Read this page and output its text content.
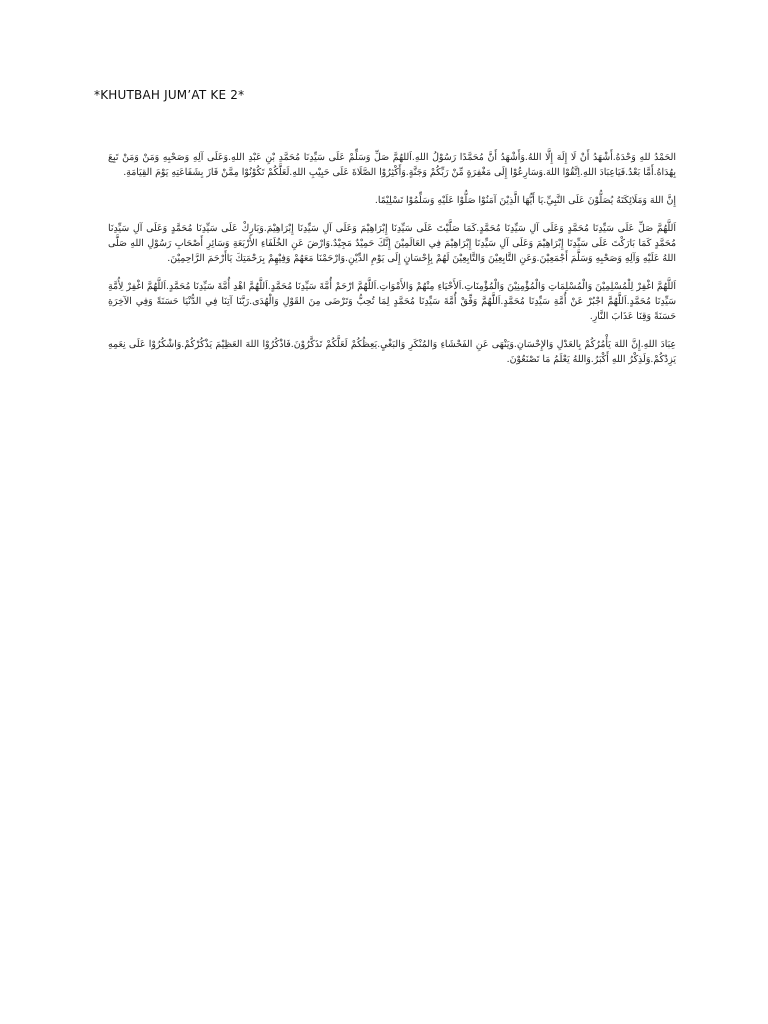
*KHUTBAH JUM’AT KE 2*

الحَمْدُ للهِ وَحْدَهُ.أَشْهَدُ أَنْ لَا إِلَهَ إِلَّا اللهُ.وَأَشْهَدُ أَنَّ مُحَمَّدًا رَسُوْلُ اللهِ.اَللهُمَّ صَلِّ وَسَلِّمْ عَلَى سَيِّدِنَا مُحَمَّدِ بْنِ عَبْدِ اللهِ.وَعَلَى آلِهِ وَصَحْبِهِ وَمَنْ وَمَنْ تَبِعَ بِهُدَاهُ.أَمَّا بَعْدُ.فَيَاعِبَادَ اللهِ.اِتَّقُوْا اللهَ.وَسَارِعُوْا إِلَى مَغْفِرَةٍ مِّنْ رَبِّكُمْ وَجَنَّةٍ.وَأَكْثِرُوْا الصَّلَاةَ عَلَى حَبِيْبِ اللهِ.لَعَلَّكُمْ تَكُوْنُوْا مِمَّنْ فَازَ بِشَفَاعَتِهِ يَوْمَ القِيَامَةِ.

إِنَّ اللهَ وَمَلَائِكَتَهُ يُصَلُّوْنَ عَلَى النَّبِيِّ.يَا أَيُّهَا الَّذِيْنَ آمَنُوْا صَلُّوْا عَلَيْهِ وَسَلِّمُوْا تَسْلِيْمًا.

اَللَّهُمَّ صَلِّ عَلَى سَيِّدِنَا مُحَمَّدٍ وَعَلَى آلِ سَيِّدِنَا مُحَمَّدٍ.كَمَا صَلَّيْتَ عَلَى سَيِّدِنَا إِبْرَاهِيْمَ وَعَلَى آلِ سَيِّدِنَا إِبْرَاهِيْمَ.وَبَارِكْ عَلَى سَيِّدِنَا مُحَمَّدٍ وَعَلَى آلِ سَيِّدِنَا مُحَمَّدٍ كَمَا بَارَكْتَ عَلَى سَيِّدِنَا إِبْرَاهِيْمَ وَعَلَى آلِ سَيِّدِنَا إِبْرَاهِيْمَ فِي العَالَمِيْنَ إِنَّكَ حَمِيْدٌ مَجِيْدٌ.وَارْضَ عَنِ الخُلَفَاءِ الأَرْبَعَةِ وَسَائِرِ أَصْحَابِ رَسُوْلِ اللهِ صَلَّى اللهُ عَلَيْهِ وَآلِهِ وَصَحْبِهِ وَسَلَّمَ أَجْمَعِيْنَ.وَعَنِ التَّابِعِيْنَ وَالتَّابِعِيْنَ لَهُمْ بِإِحْسَانٍ إِلَى يَوْمِ الدِّيْنِ.وَارْحَمْنَا مَعَهُمْ وَفِيْهِمْ بِرَحْمَتِكَ يَاأَرْحَمَ الرَّاحِمِيْنَ.

اَللَّهُمَّ اغْفِرْ لِلْمُسْلِمِيْنَ وَالْمُسْلِمَاتِ وَالْمُؤْمِنِيْنَ وَالْمُؤْمِنَاتِ.اَلأَحْيَاءِ مِنْهُمْ وَالأَمْوَاتِ.اَللَّهُمَّ ارْحَمْ أُمَّةَ سَيِّدِنَا مُحَمَّدٍ.اَللَّهُمَّ اهْدِ أُمَّةَ سَيِّدِنَا مُحَمَّدٍ.اَللَّهُمَّ اغْفِرْ لِأُمَّةِ سَيِّدِنَا مُحَمَّدٍ.اَللَّهُمَّ اجْبُرْ عَنْ أُمَّةِ سَيِّدِنَا مُحَمَّدٍ.اَللَّهُمَّ وَفِّقْ أُمَّةَ سَيِّدِنَا مُحَمَّدٍ لِمَا تُحِبُّ وَتَرْضَى مِنَ القَوْلِ وَالْهُدَى.رَبَّنَا آتِنَا فِي الدُّنْيَا حَسَنَةً وَفِي الآخِرَةِ حَسَنَةً وَقِنَا عَذَابَ النَّارِ.

عِبَادَ اللهِ.إِنَّ اللهَ يَأْمُرُكُمْ بِالعَدْلِ وَالإِحْسَانِ.وَيَنْهَى عَنِ الفَحْشَاءِ وَالمُنْكَرِ وَالبَغْيِ.يَعِظُكُمْ لَعَلَّكُمْ تَذَكَّرُوْنَ.فَاذْكُرُوْا اللهَ العَظِيْمَ يَذْكُرْكُمْ.وَاشْكُرُوْا عَلَى نِعَمِهِ يَزِدْكُمْ.وَلَذِكْرُ اللهِ أَكْبَرُ.وَاللهُ يَعْلَمُ مَا تَصْنَعُوْنَ.
